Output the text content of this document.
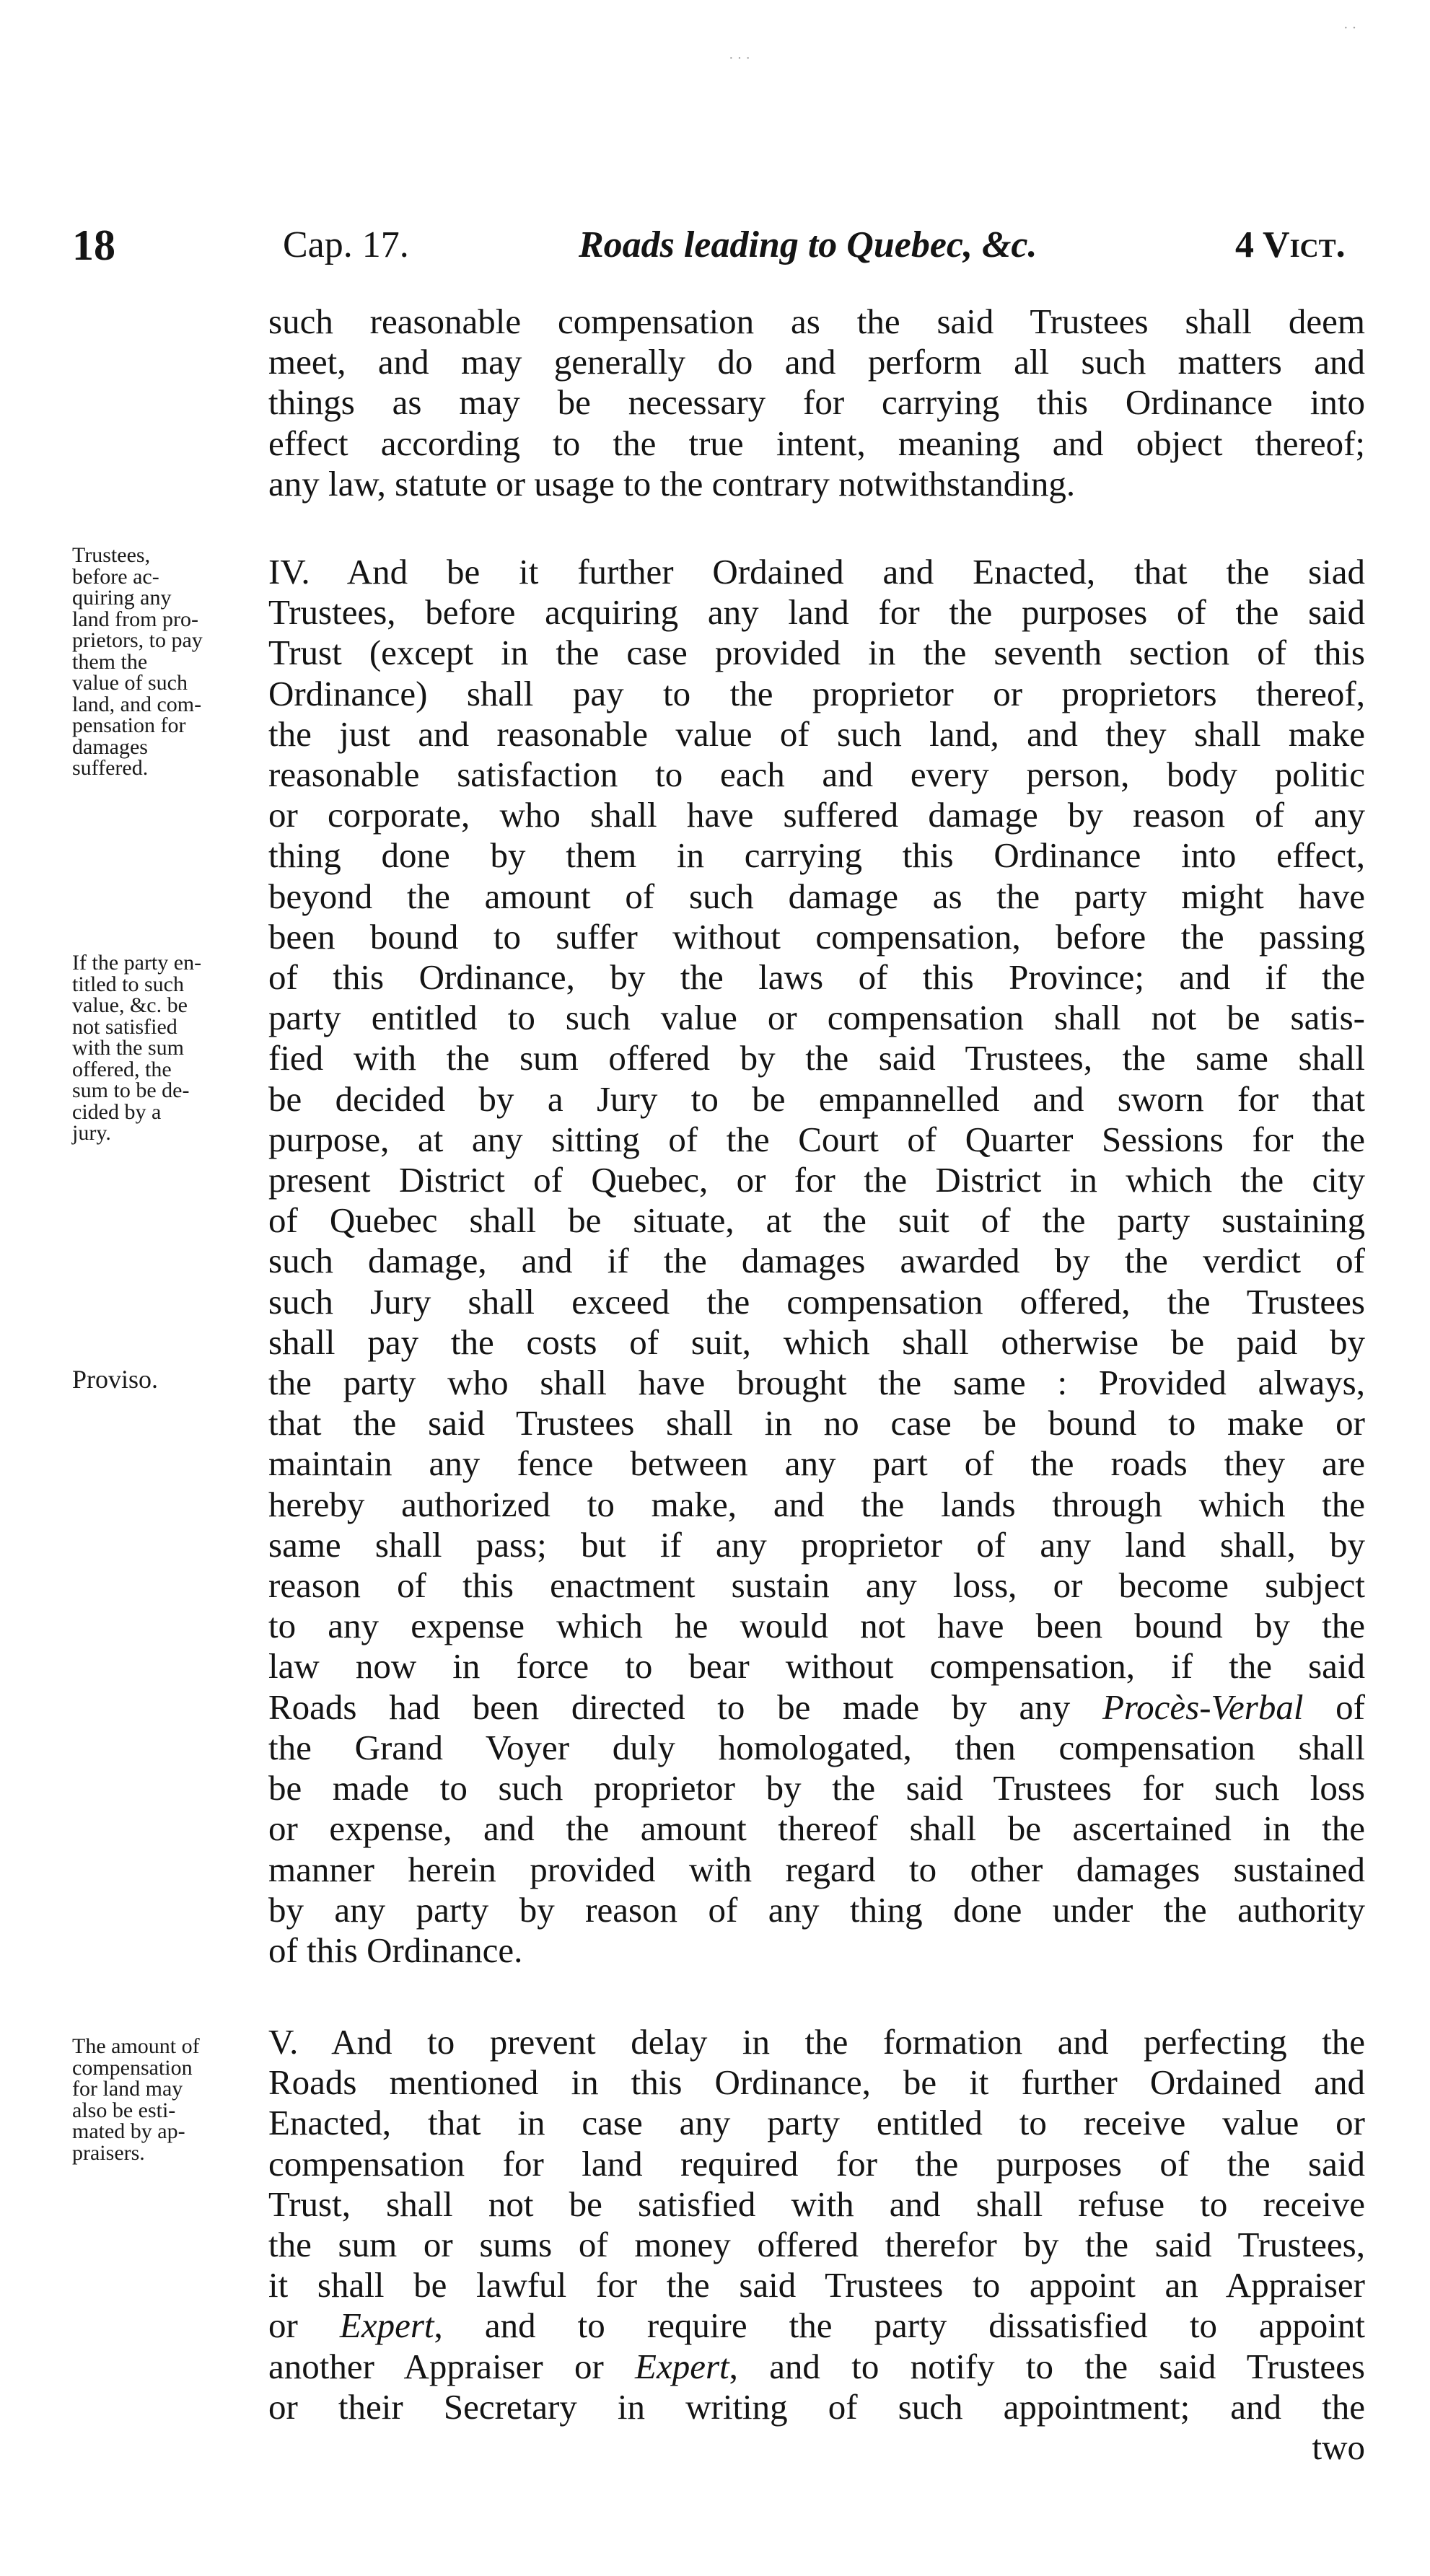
18	Cap. 17.	Roads leading to Quebec, &c.	4 Vict.
such reasonable compensation as the said Trustees shall deem
meet, and may generally do and perform all such matters and
things as may be necessary for carrying this Ordinance into
effect according to the true intent, meaning and object thereof;
any law, statute or usage to the contrary notwithstanding.
IV. And be it further Ordained and Enacted, that the siad
Trustees, before acquiring any land for the purposes of the said
Trust (except in the case provided in the seventh section of this
Ordinance) shall pay to the proprietor or proprietors thereof,
the just and reasonable value of such land, and they shall make
reasonable satisfaction to each and every person, body politic
or corporate, who shall have suffered damage by reason of any
thing done by them in carrying this Ordinance into effect,
beyond the amount of such damage as the party might have
been bound to suffer without compensation, before the passing
of this Ordinance, by the laws of this Province; and if the
party entitled to such value or compensation shall not be satis-
fied with the sum offered by the said Trustees, the same shall
be decided by a Jury to be empannelled and sworn for that
purpose, at any sitting of the Court of Quarter Sessions for the
present District of Quebec, or for the District in which the city
of Quebec shall be situate, at the suit of the party sustaining
such damage, and if the damages awarded by the verdict of
such Jury shall exceed the compensation offered, the Trustees
shall pay the costs of suit, which shall otherwise be paid by
the party who shall have brought the same : Provided always,
that the said Trustees shall in no case be bound to make or
maintain any fence between any part of the roads they are
hereby authorized to make, and the lands through which the
same shall pass; but if any proprietor of any land shall, by
reason of this enactment sustain any loss, or become subject
to any expense which he would not have been bound by the
law now in force to bear without compensation, if the said
Roads had been directed to be made by any Procès-Verbal of
the Grand Voyer duly homologated, then compensation shall
be made to such proprietor by the said Trustees for such loss
or expense, and the amount thereof shall be ascertained in the
manner herein provided with regard to other damages sustained
by any party by reason of any thing done under the authority
of this Ordinance.
V. And to prevent delay in the formation and perfecting the
Roads mentioned in this Ordinance, be it further Ordained and
Enacted, that in case any party entitled to receive value or
compensation for land required for the purposes of the said
Trust, shall not be satisfied with and shall refuse to receive
the sum or sums of money offered therefor by the said Trustees,
it shall be lawful for the said Trustees to appoint an Appraiser
or Expert, and to require the party dissatisfied to appoint
another Appraiser or Expert, and to notify to the said Trustees
or their Secretary in writing of such appointment; and the
two
Trustees,
before ac-
quiring any
land from pro-
prietors, to pay
them the
value of such
land, and com-
pensation for
damages
suffered.
If the party en-
titled to such
value, &c. be
not satisfied
with the sum
offered, the
sum to be de-
cided by a
jury.
Proviso.
The amount of
compensation
for land may
also be esti-
mated by ap-
praisers.
· ·
· · ·
